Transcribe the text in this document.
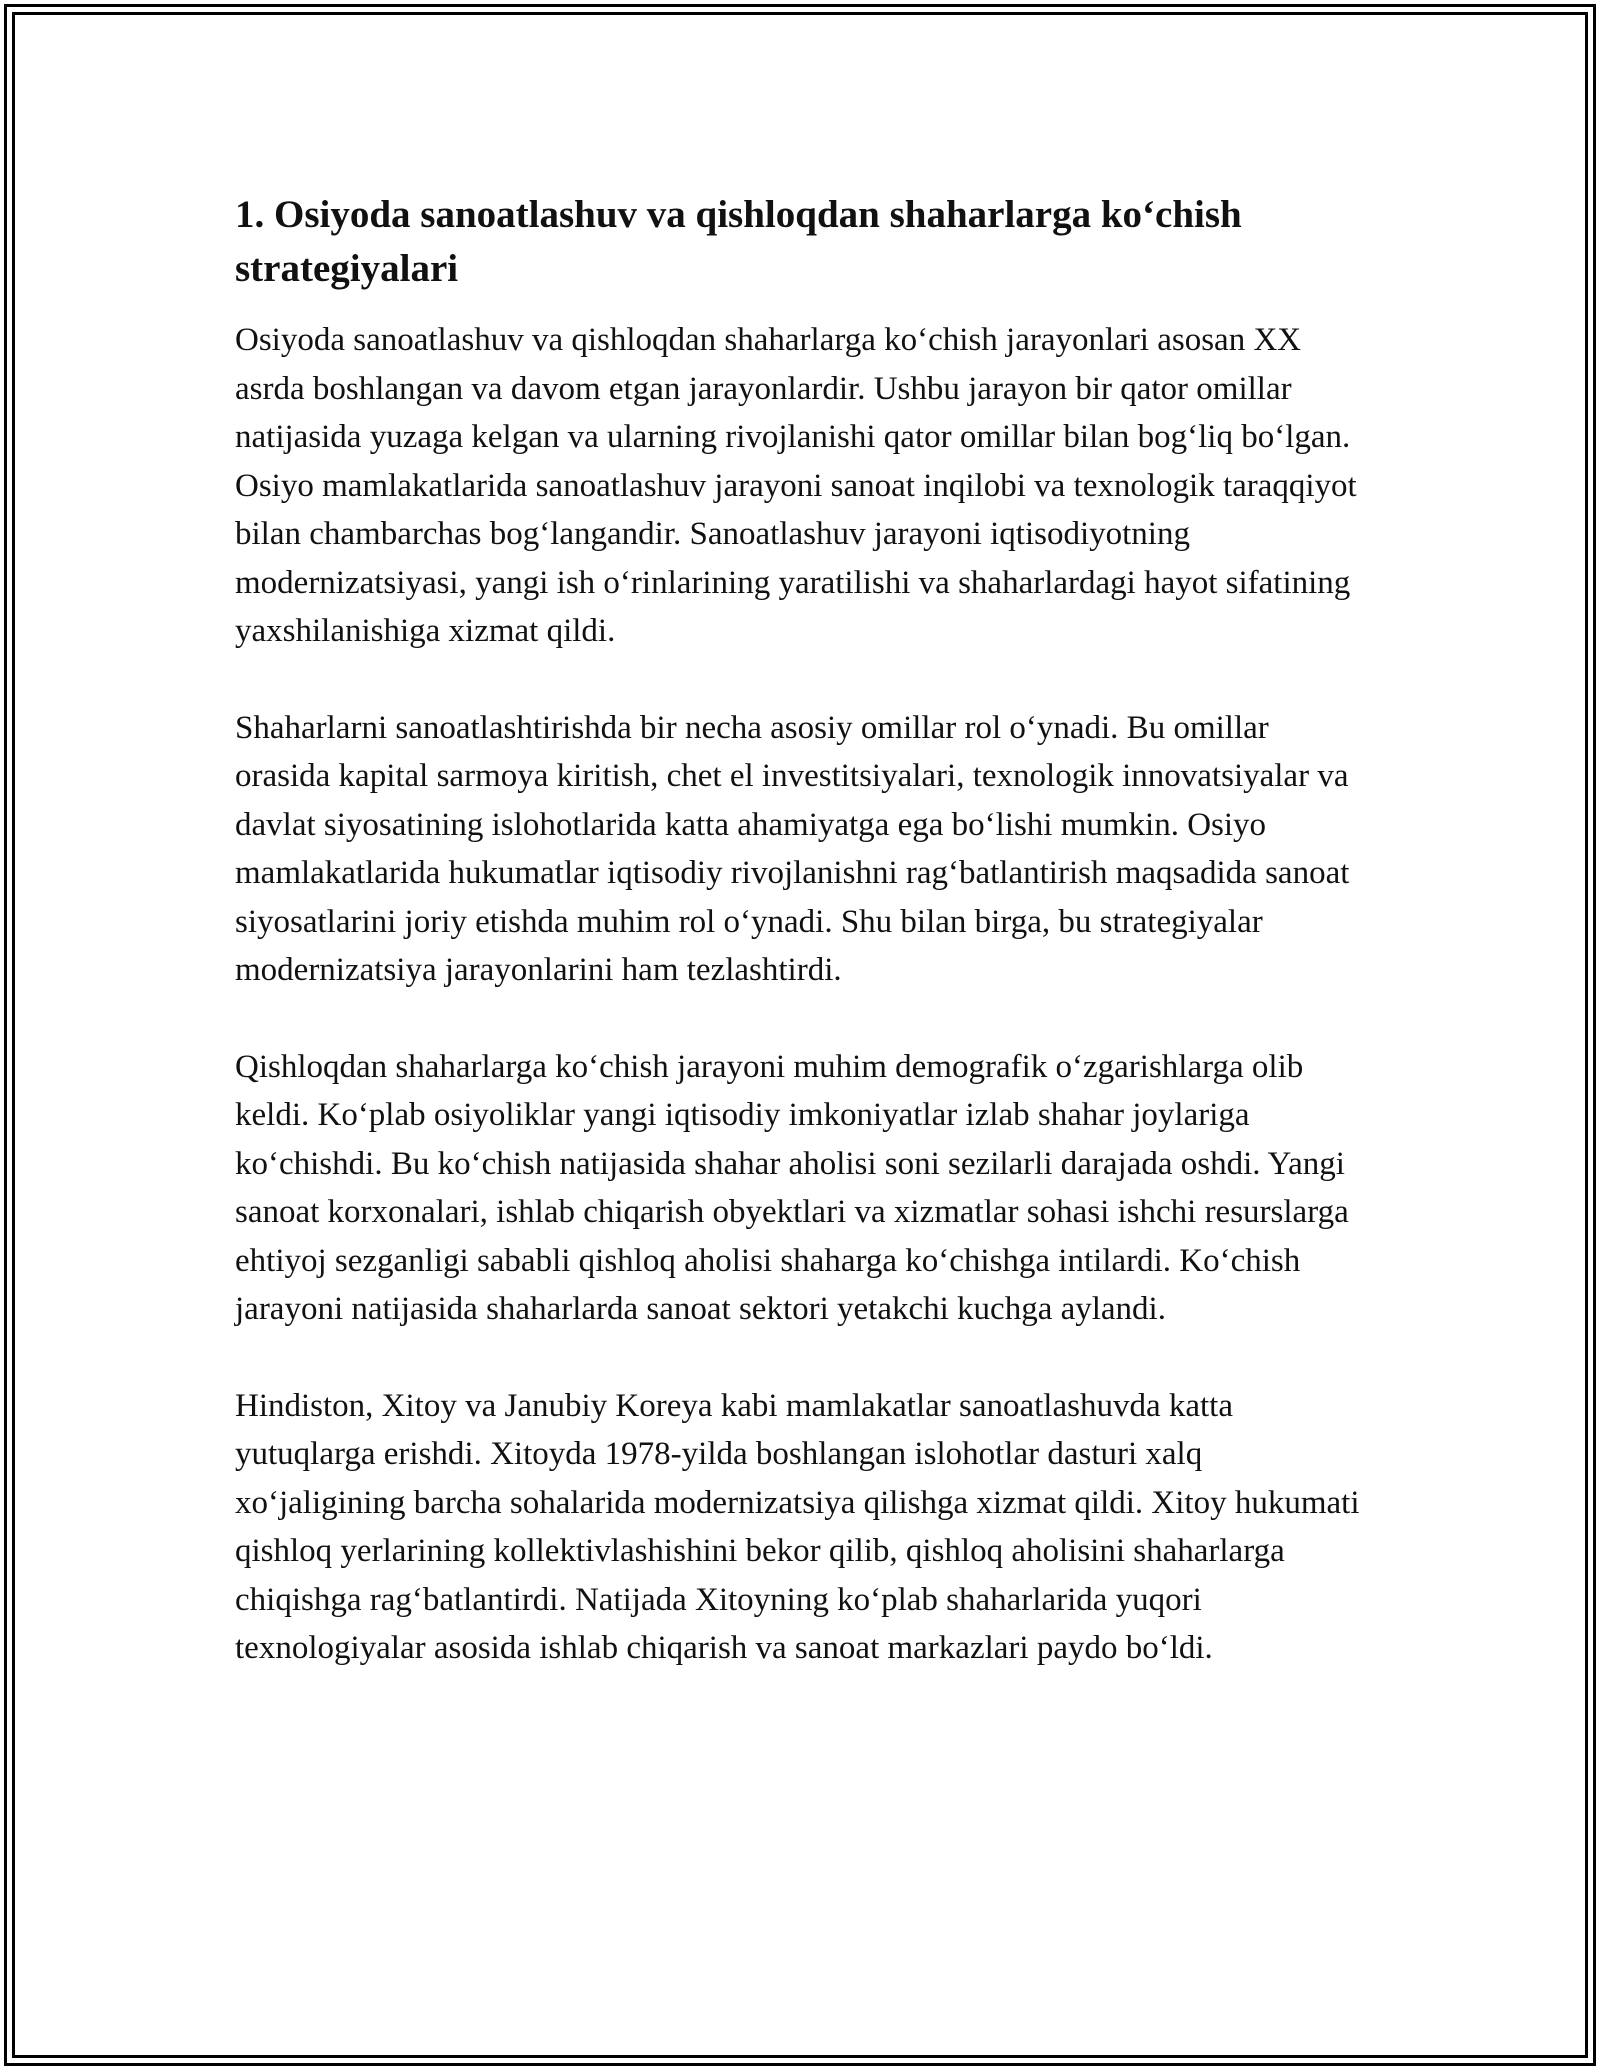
1. Osiyoda sanoatlashuv va qishloqdan shaharlarga ko‘chish strategiyalari

Osiyoda sanoatlashuv va qishloqdan shaharlarga ko‘chish jarayonlari asosan XX asrda boshlangan va davom etgan jarayonlardir. Ushbu jarayon bir qator omillar natijasida yuzaga kelgan va ularning rivojlanishi qator omillar bilan bog‘liq bo‘lgan. Osiyo mamlakatlarida sanoatlashuv jarayoni sanoat inqilobi va texnologik taraqqiyot bilan chambarchas bog‘langandir. Sanoatlashuv jarayoni iqtisodiyotning modernizatsiyasi, yangi ish o‘rinlarining yaratilishi va shaharlardagi hayot sifatining yaxshilanishiga xizmat qildi.

Shaharlarni sanoatlashtirishda bir necha asosiy omillar rol o‘ynadi. Bu omillar orasida kapital sarmoya kiritish, chet el investitsiyalari, texnologik innovatsiyalar va davlat siyosatining islohotlarida katta ahamiyatga ega bo‘lishi mumkin. Osiyo mamlakatlarida hukumatlar iqtisodiy rivojlanishni rag‘batlantirish maqsadida sanoat siyosatlarini joriy etishda muhim rol o‘ynadi. Shu bilan birga, bu strategiyalar modernizatsiya jarayonlarini ham tezlashtirdi.

Qishloqdan shaharlarga ko‘chish jarayoni muhim demografik o‘zgarishlarga olib keldi. Ko‘plab osiyoliklar yangi iqtisodiy imkoniyatlar izlab shahar joylariga ko‘chishdi. Bu ko‘chish natijasida shahar aholisi soni sezilarli darajada oshdi. Yangi sanoat korxonalari, ishlab chiqarish obyektlari va xizmatlar sohasi ishchi resurslarga ehtiyoj sezganligi sababli qishloq aholisi shaharga ko‘chishga intilardi. Ko‘chish jarayoni natijasida shaharlarda sanoat sektori yetakchi kuchga aylandi.

Hindiston, Xitoy va Janubiy Koreya kabi mamlakatlar sanoatlashuvda katta yutuqlarga erishdi. Xitoyda 1978-yilda boshlangan islohotlar dasturi xalq xo‘jaligining barcha sohalarida modernizatsiya qilishga xizmat qildi. Xitoy hukumati qishloq yerlarining kollektivlashishini bekor qilib, qishloq aholisini shaharlarga chiqishga rag‘batlantirdi. Natijada Xitoyning ko‘plab shaharlarida yuqori texnologiyalar asosida ishlab chiqarish va sanoat markazlari paydo bo‘ldi.
